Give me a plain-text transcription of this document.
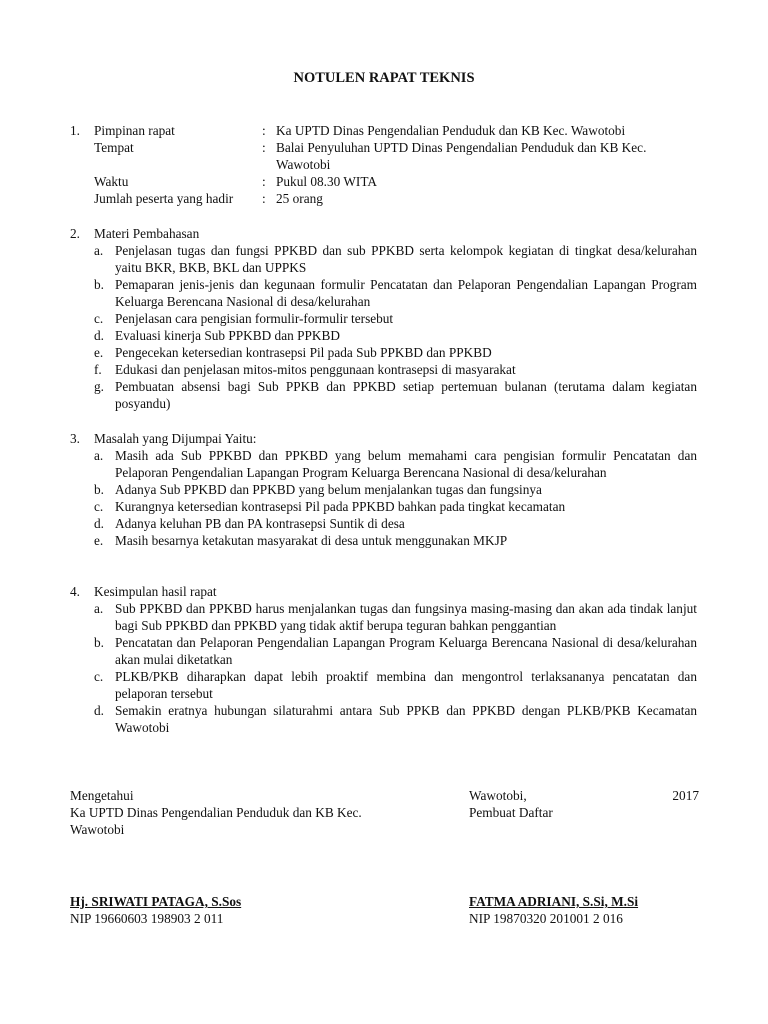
NOTULEN RAPAT TEKNIS
1.	Pimpinan rapat	: Ka UPTD Dinas Pengendalian Penduduk dan KB Kec. Wawotobi
Tempat	: Balai Penyuluhan UPTD Dinas Pengendalian Penduduk dan KB Kec. Wawotobi
Waktu	: Pukul 08.30 WITA
Jumlah peserta yang hadir	: 25 orang
2.	Materi Pembahasan
a. Penjelasan tugas dan fungsi PPKBD dan sub PPKBD serta kelompok kegiatan di tingkat desa/kelurahan yaitu BKR, BKB, BKL dan UPPKS
b. Pemaparan jenis-jenis dan kegunaan formulir Pencatatan dan Pelaporan Pengendalian Lapangan Program Keluarga Berencana Nasional di desa/kelurahan
c. Penjelasan cara pengisian formulir-formulir tersebut
d. Evaluasi kinerja Sub PPKBD dan PPKBD
e. Pengecekan ketersedian kontrasepsi Pil pada Sub PPKBD dan PPKBD
f. Edukasi dan penjelasan mitos-mitos penggunaan kontrasepsi di masyarakat
g. Pembuatan absensi bagi Sub PPKB dan PPKBD setiap pertemuan bulanan (terutama dalam kegiatan posyandu)
3.	Masalah yang Dijumpai Yaitu:
a. Masih ada Sub PPKBD dan PPKBD yang belum memahami cara pengisian formulir Pencatatan dan Pelaporan Pengendalian Lapangan Program Keluarga Berencana Nasional di desa/kelurahan
b. Adanya Sub PPKBD dan PPKBD yang belum menjalankan tugas dan fungsinya
c. Kurangnya ketersedian kontrasepsi Pil pada PPKBD bahkan pada tingkat kecamatan
d. Adanya keluhan PB dan PA kontrasepsi Suntik di desa
e. Masih besarnya ketakutan masyarakat di desa untuk menggunakan MKJP
4.	Kesimpulan hasil rapat
a. Sub PPKBD dan PPKBD harus menjalankan tugas dan fungsinya masing-masing dan akan ada tindak lanjut bagi Sub PPKBD dan PPKBD yang tidak aktif berupa teguran bahkan penggantian
b. Pencatatan dan Pelaporan Pengendalian Lapangan Program Keluarga Berencana Nasional di desa/kelurahan akan mulai diketatkan
c. PLKB/PKB diharapkan dapat lebih proaktif membina dan mengontrol terlaksananya pencatatan dan pelaporan tersebut
d. Semakin eratnya hubungan silaturahmi antara Sub PPKB dan PPKBD dengan PLKB/PKB Kecamatan Wawotobi
Mengetahui
Ka UPTD Dinas Pengendalian Penduduk dan KB Kec. Wawotobi
Wawotobi,	2017
Pembuat Daftar
Hj. SRIWATI PATAGA, S.Sos
NIP 19660603 198903 2 011
FATMA ADRIANI, S.Si, M.Si
NIP 19870320 201001 2 016
